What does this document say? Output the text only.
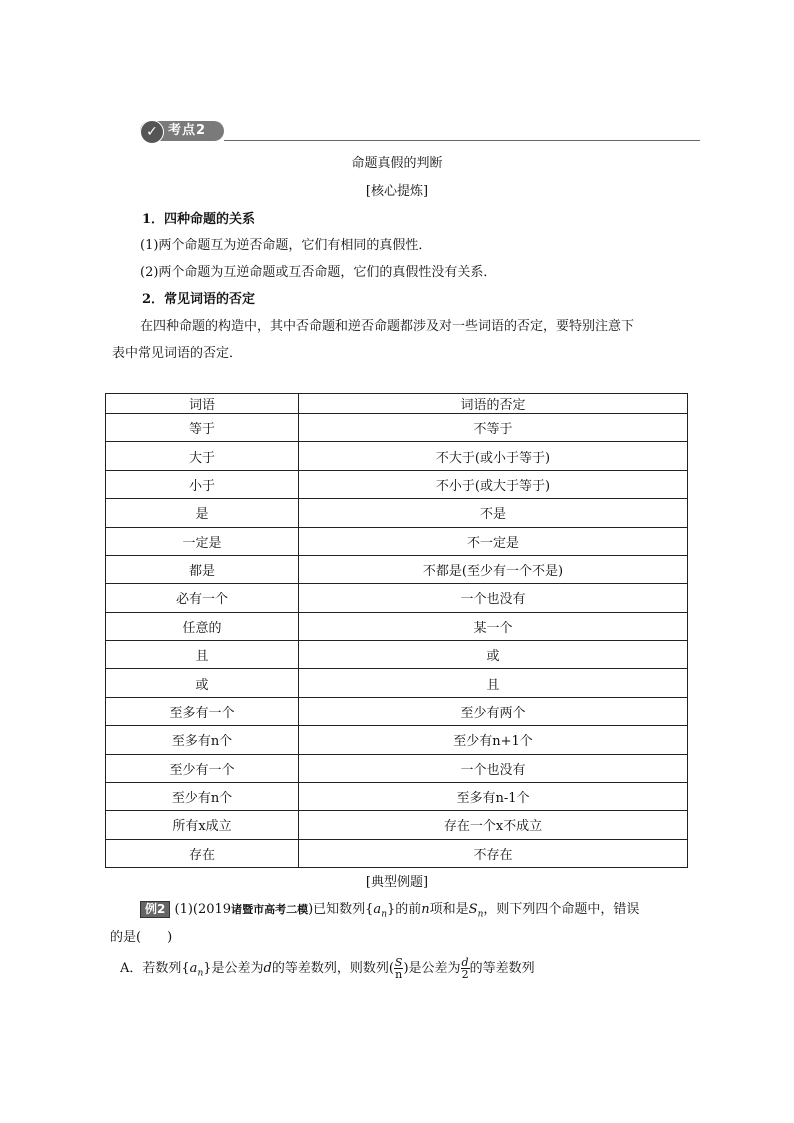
✓ 考点2
命题真假的判断
[核心提炼]
1．四种命题的关系
(1)两个命题互为逆否命题，它们有相同的真假性．
(2)两个命题为互逆命题或互否命题，它们的真假性没有关系．
2．常见词语的否定
在四种命题的构造中，其中否命题和逆否命题都涉及对一些词语的否定，要特别注意下
表中常见词语的否定．
词语	词语的否定
等于	不等于
大于	不大于(或小于等于)
小于	不小于(或大于等于)
是	不是
一定是	不一定是
都是	不都是(至少有一个不是)
必有一个	一个也没有
任意的	某一个
且	或
或	且
至多有一个	至少有两个
至多有n个	至少有n+1个
至少有一个	一个也没有
至少有n个	至多有n-1个
所有x成立	存在一个x不成立
存在	不存在
[典型例题]
例2 (1)(2019诸暨市高考二模)已知数列$\{a_n\}$的前n项和是$S_n$，则下列四个命题中，错误
的是(　　)
A．若数列$\{a_n\}$是公差为d的等差数列，则数列( $\frac{S}{n}$ )是公差为 $\frac{d}{2}$ 的等差数列
